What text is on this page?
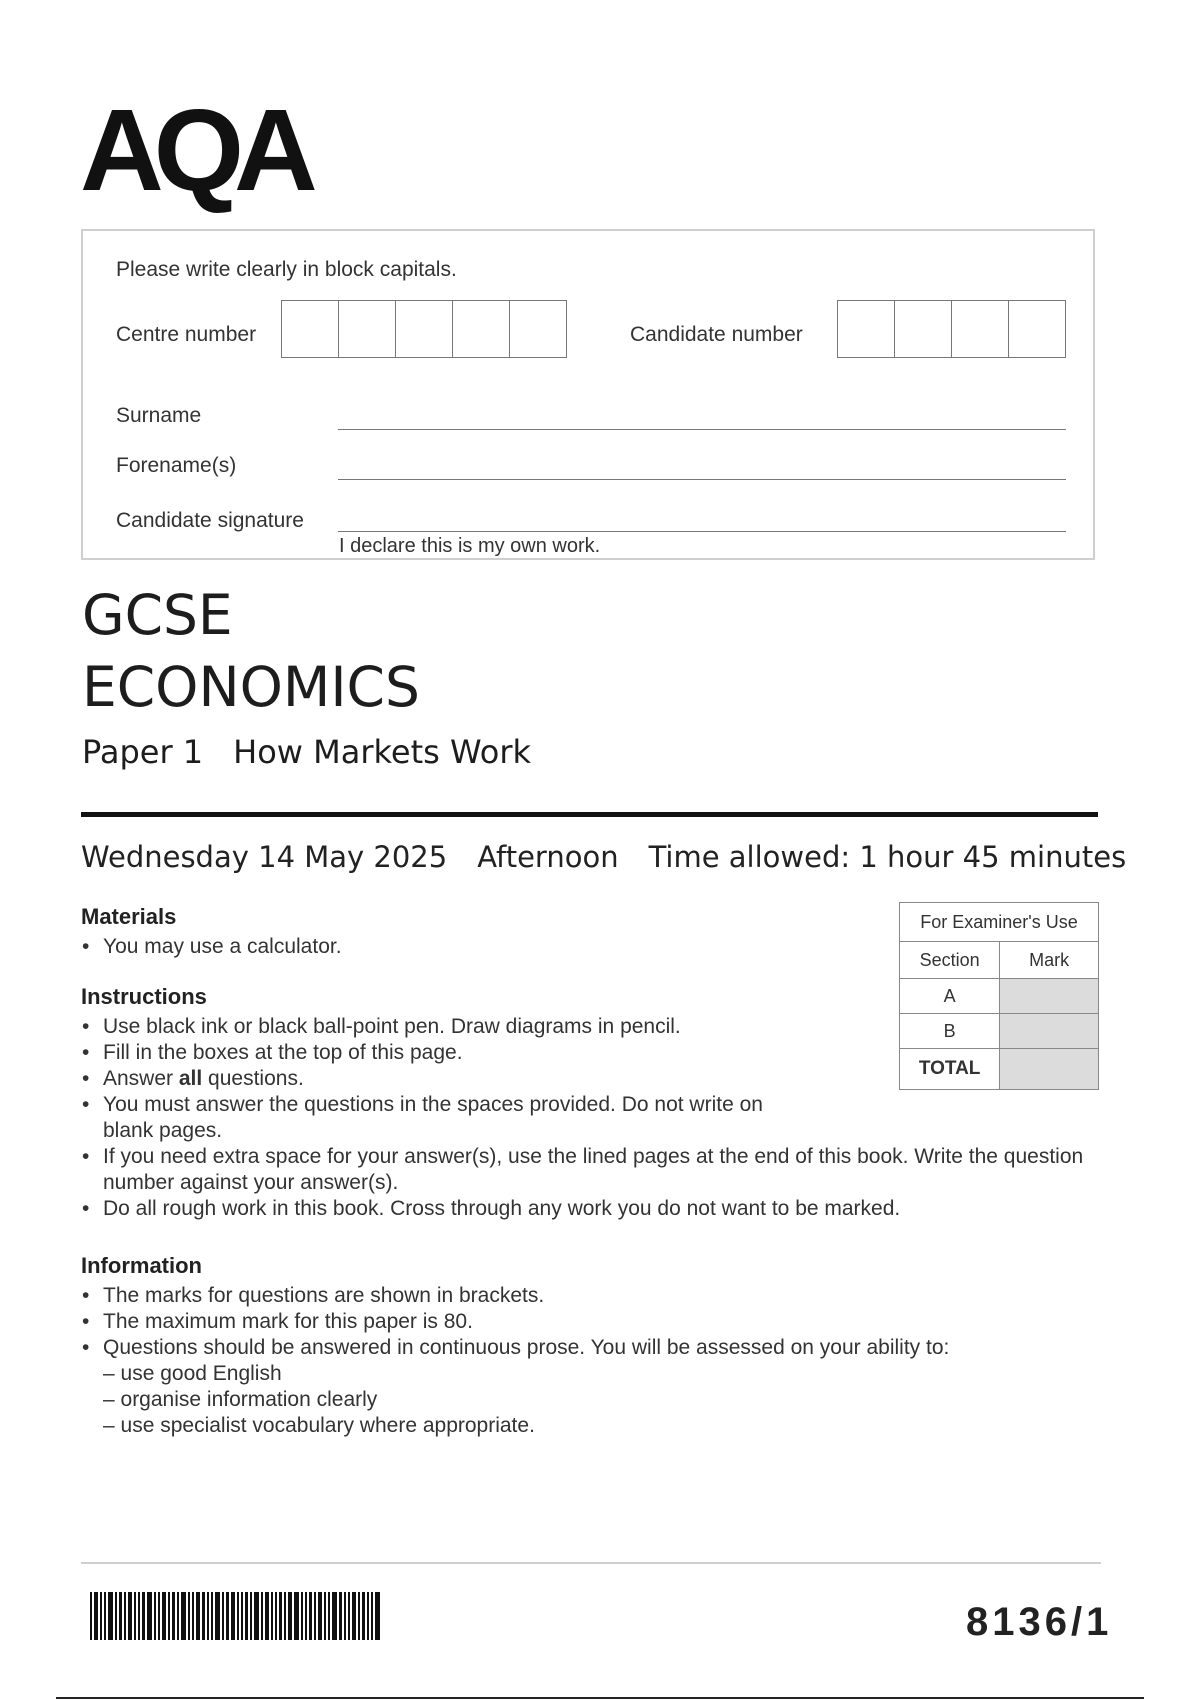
AQA
Please write clearly in block capitals.
Centre number	Candidate number
Surname
Forename(s)
Candidate signature
I declare this is my own work.
GCSE
ECONOMICS
Paper 1 How Markets Work
Wednesday 14 May 2025 Afternoon Time allowed: 1 hour 45 minutes
Materials
• You may use a calculator.
Instructions
• Use black ink or black ball-point pen. Draw diagrams in pencil.
• Fill in the boxes at the top of this page.
• Answer all questions.
• You must answer the questions in the spaces provided. Do not write on blank pages.
• If you need extra space for your answer(s), use the lined pages at the end of this book. Write the question number against your answer(s).
• Do all rough work in this book. Cross through any work you do not want to be marked.
Information
• The marks for questions are shown in brackets.
• The maximum mark for this paper is 80.
• Questions should be answered in continuous prose. You will be assessed on your ability to:
– use good English
– organise information clearly
– use specialist vocabulary where appropriate.
For Examiner's Use	
Section	Mark
A	
B	
TOTAL	
8136/1
